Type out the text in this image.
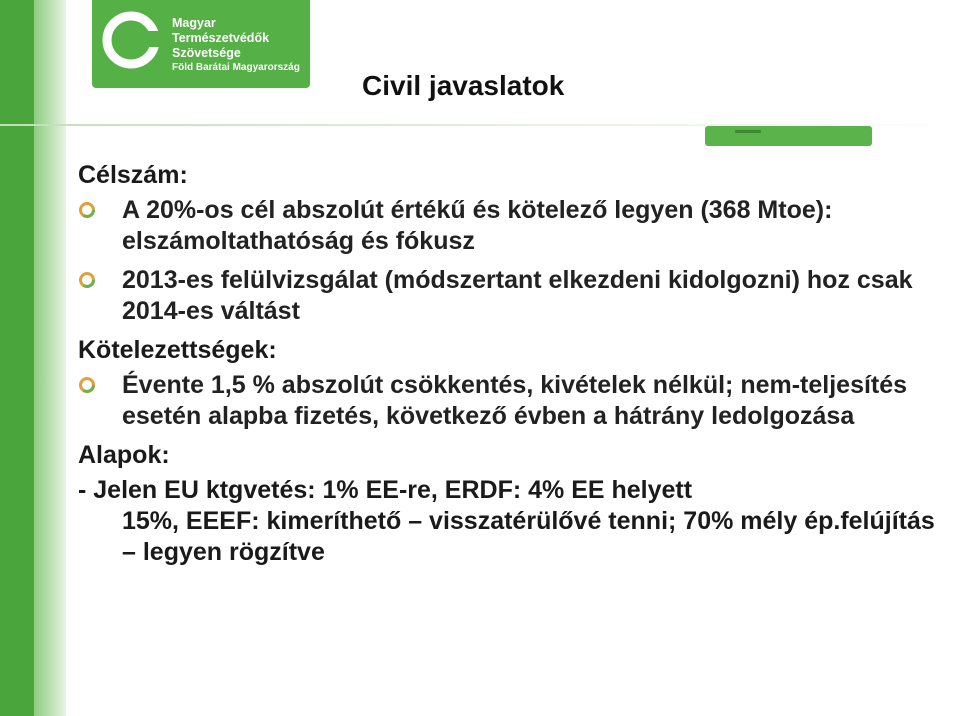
Magyar
Természetvédők
Szövetsége
Föld Barátai Magyarország
Civil javaslatok
Célszám:
A 20%-os cél abszolút értékű és kötelező legyen (368 Mtoe): elszámoltathatóság és fókusz
2013-es felülvizsgálat (módszertant elkezdeni kidolgozni) hoz csak 2014-es váltást
Kötelezettségek:
Évente 1,5 % abszolút csökkentés, kivételek nélkül; nem-teljesítés esetén alapba fizetés, következő évben a hátrány ledolgozása
Alapok:
- Jelen EU ktgvetés: 1% EE-re, ERDF: 4% EE helyett
15%, EEEF: kimeríthető – visszatérülővé tenni; 70% mély ép.felújítás – legyen rögzítve
